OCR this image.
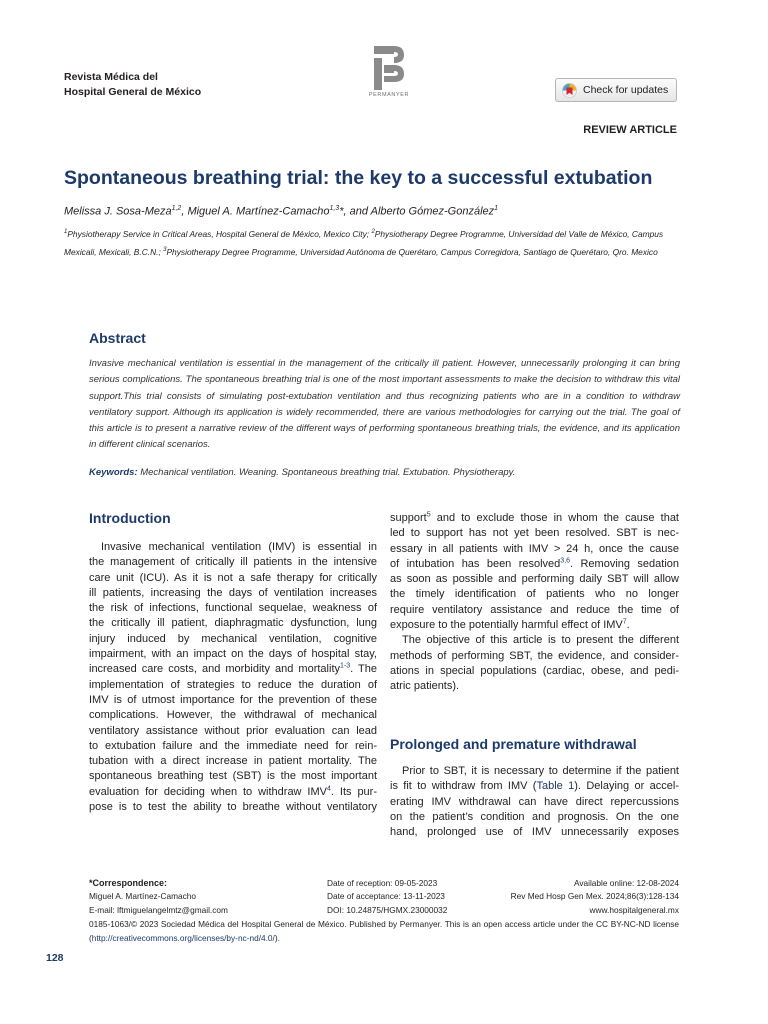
Revista Médica del
Hospital General de México	PERMANYER	Check for updates
REVIEW ARTICLE
Spontaneous breathing trial: the key to a successful extubation
Melissa J. Sosa-Meza$^{1,2}$, Miguel A. Martínez-Camacho$^{1,3}$*, and Alberto Gómez-González$^1$
$^1$Physiotherapy Service in Critical Areas, Hospital General de México, Mexico City; $^2$Physiotherapy Degree Programme, Universidad del Valle de México, Campus Mexicali, Mexicali, B.C.N.; $^3$Physiotherapy Degree Programme, Universidad Autónoma de Querétaro, Campus Corregidora, Santiago de Querétaro, Qro. Mexico
Abstract

Invasive mechanical ventilation is essential in the management of the critically ill patient. However, unnecessarily prolonging it can bring serious complications. The spontaneous breathing trial is one of the most important assessments to make the decision to withdraw this vital support.This trial consists of simulating post-extubation ventilation and thus recognizing patients who are in a condition to withdraw ventilatory support. Although its application is widely recommended, there are various methodologies for carrying out the trial. The goal of this article is to present a narrative review of the different ways of performing spontaneous breathing trials, the evidence, and its application in different clinical scenarios.

Keywords: Mechanical ventilation. Weaning. Spontaneous breathing trial. Extubation. Physiotherapy.
Introduction
Invasive mechanical ventilation (IMV) is essential in
the management of critically ill patients in the intensive
care unit (ICU). As it is not a safe therapy for critically
ill patients, increasing the days of ventilation increases
the risk of infections, functional sequelae, weakness of
the critically ill patient, diaphragmatic dysfunction, lung
injury induced by mechanical ventilation, cognitive
impairment, with an impact on the days of hospital stay,
increased care costs, and morbidity and mortality$^{1-3}$. The
implementation of strategies to reduce the duration of
IMV is of utmost importance for the prevention of these
complications. However, the withdrawal of mechanical
ventilatory assistance without prior evaluation can lead
to extubation failure and the immediate need for rein-
tubation with a direct increase in patient mortality. The
spontaneous breathing test (SBT) is the most important
evaluation for deciding when to withdraw IMV$^4$. Its pur-
pose is to test the ability to breathe without ventilatory
support$^5$ and to exclude those in whom the cause that
led to support has not yet been resolved. SBT is nec-
essary in all patients with IMV > 24 h, once the cause
of intubation has been resolved$^{3,6}$. Removing sedation
as soon as possible and performing daily SBT will allow
the timely identification of patients who no longer
require ventilatory assistance and reduce the time of
exposure to the potentially harmful effect of IMV$^7$.
The objective of this article is to present the different
methods of performing SBT, the evidence, and consider-
ations in special populations (cardiac, obese, and pedi-
atric patients).
Prolonged and premature withdrawal
Prior to SBT, it is necessary to determine if the patient
is fit to withdraw from IMV (Table 1). Delaying or accel-
erating IMV withdrawal can have direct repercussions
on the patient’s condition and prognosis. On the one
hand, prolonged use of IMV unnecessarily exposes
*Correspondence:	Date of reception: 09-05-2023	Available online: 12-08-2024
Miguel A. Martínez-Camacho	Date of acceptance: 13-11-2023	Rev Med Hosp Gen Mex. 2024;86(3):128-134
E-mail: lftmiguelangelmtz@gmail.com	DOI: 10.24875/HGMX.23000032	www.hospitalgeneral.mx
0185-1063/© 2023 Sociedad Médica del Hospital General de México. Published by Permanyer. This is an open access article under the CC BY-NC-ND license (http://creativecommons.org/licenses/by-nc-nd/4.0/).
128
